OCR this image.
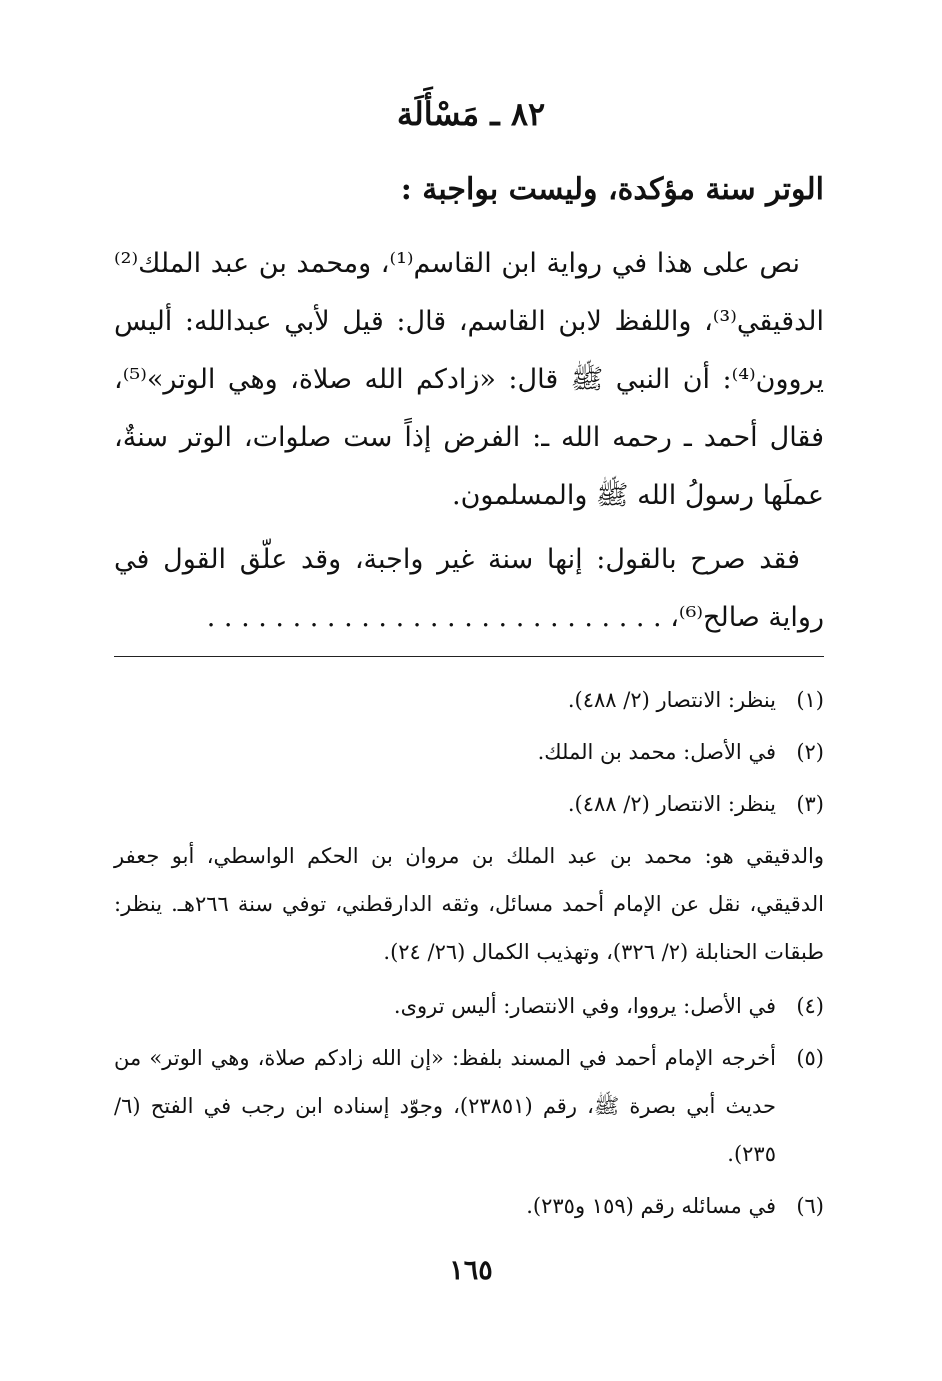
٨٢ ـ مَسْأَلَة
الوتر سنة مؤكدة، وليست بواجبة :

نص على هذا في رواية ابن القاسم⁽¹⁾، ومحمد بن عبد الملك⁽²⁾ الدقيقي⁽³⁾، واللفظ لابن القاسم، قال: قيل لأبي عبدالله: أليس يروون⁽⁴⁾: أن النبي ﷺ قال: «زادكم الله صلاة، وهي الوتر»⁽⁵⁾، فقال أحمد ـ رحمه الله ـ: الفرض إذاً ست صلوات، الوتر سنةٌ، عملَها رسولُ الله ﷺ والمسلمون.

فقد صرح بالقول: إنها سنة غير واجبة، وقد علّق القول في رواية صالح⁽⁶⁾، . . . . . . . . . . . . . . . . . . . . . . . . . . .

(١)
ينظر: الانتصار (٢/ ٤٨٨).
(٢)
في الأصل: محمد بن الملك.
(٣)
ينظر: الانتصار (٢/ ٤٨٨).
والدقيقي هو: محمد بن عبد الملك بن مروان بن الحكم الواسطي، أبو جعفر الدقيقي، نقل عن الإمام أحمد مسائل، وثقه الدارقطني، توفي سنة ٢٦٦هـ. ينظر: طبقات الحنابلة (٢/ ٣٢٦)، وتهذيب الكمال (٢٦/ ٢٤).
(٤)
في الأصل: يرووا، وفي الانتصار: أليس تروى.
(٥)
أخرجه الإمام أحمد في المسند بلفظ: «إن الله زادكم صلاة، وهي الوتر» من حديث أبي بصرة ﷺ، رقم (٢٣٨٥١)، وجوّد إسناده ابن رجب في الفتح (٦/ ٢٣٥).
(٦)
في مسائله رقم (١٥٩ و٢٣٥).
١٦٥
